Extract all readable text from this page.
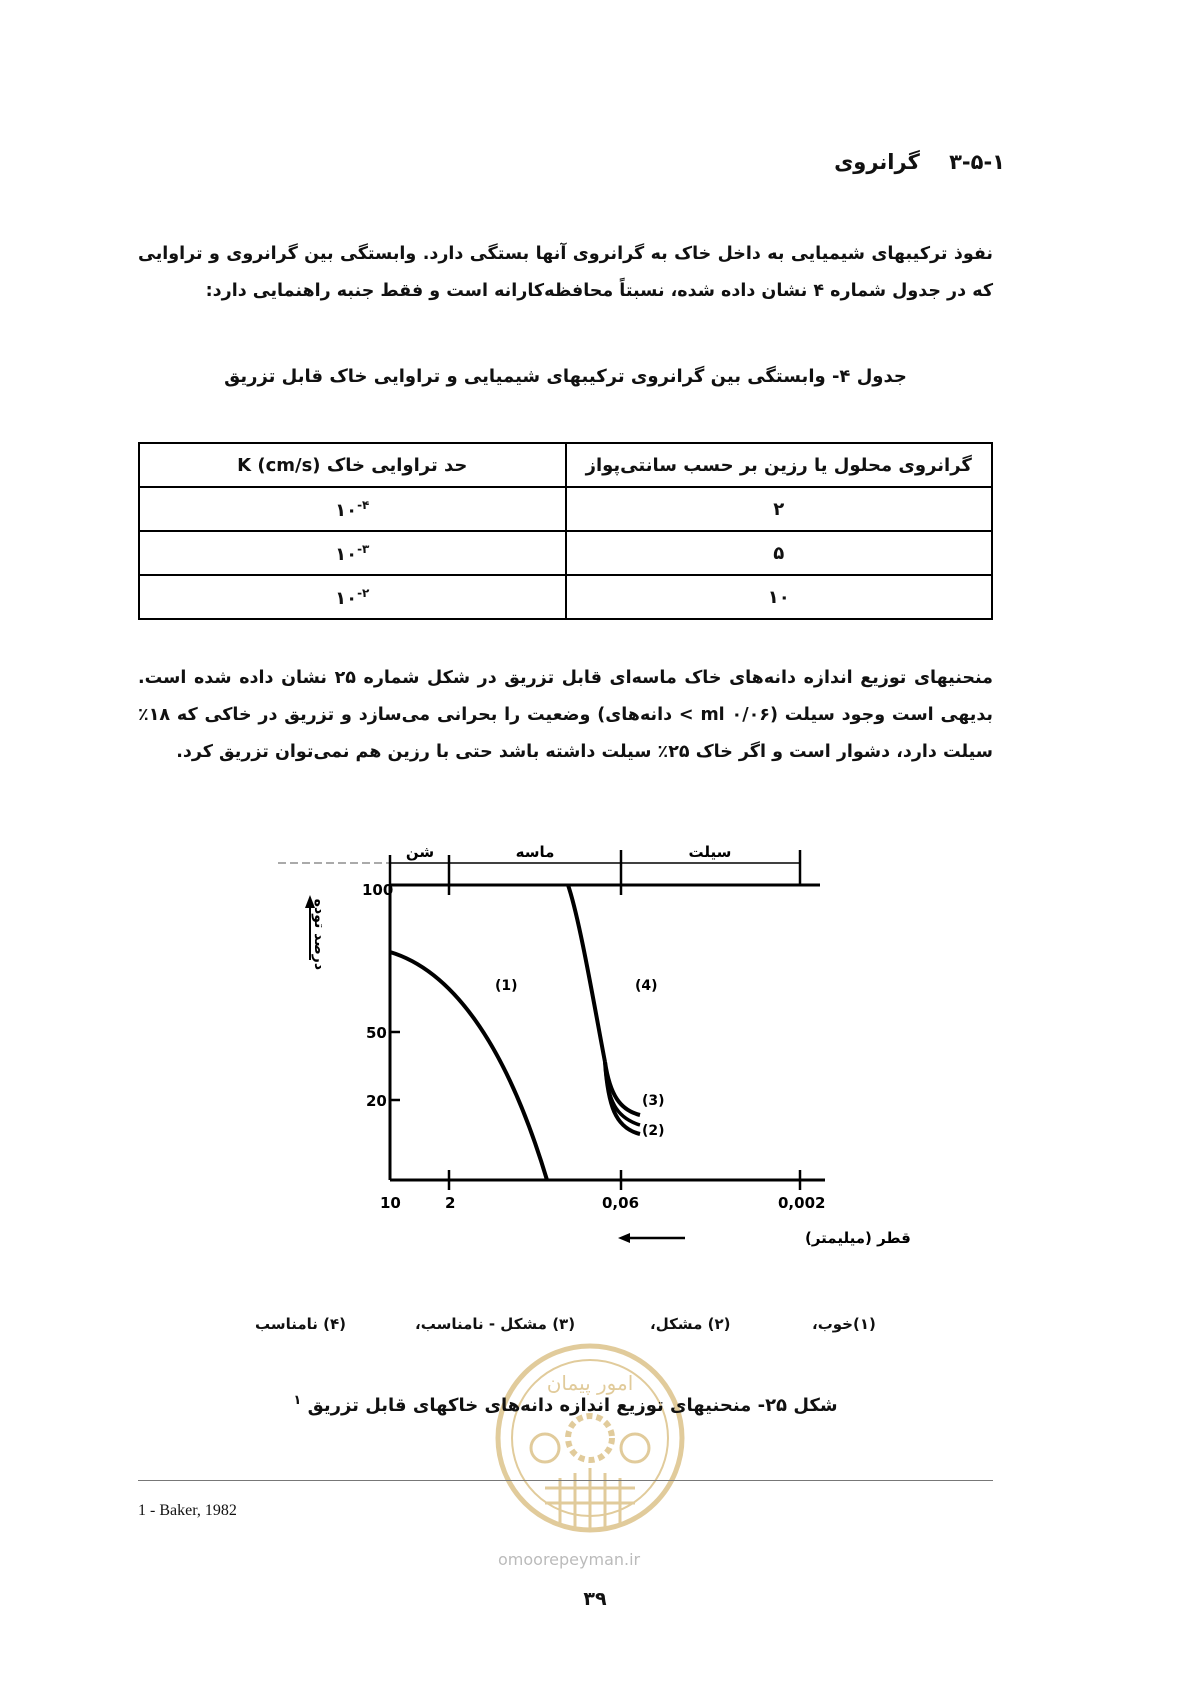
۳-۵-۱ گرانروی
نفوذ ترکیبهای شیمیایی به داخل خاک به گرانروی آنها بستگی دارد. وابستگی بین گرانروی و تراوایی که در جدول شماره ۴ نشان داده شده، نسبتاً محافظه‌کارانه است و فقط جنبه راهنمایی دارد:
جدول ۴- وابستگی بین گرانروی ترکیبهای شیمیایی و تراوایی خاک قابل تزریق
گرانروی محلول یا رزین بر حسب سانتی‌پواز	حد تراوایی خاک K (cm/s)
۲	$۱۰^{-۴}$
۵	$۱۰^{-۳}$
۱۰	$۱۰^{-۲}$
منحنیهای توزیع اندازه دانه‌های خاک ماسه‌ای قابل تزریق در شکل شماره ۲۵ نشان داده شده است. بدیهی است وجود سیلت (۰/۰۶ ml > دانه‌های) وضعیت را بحرانی می‌سازد و تزریق در خاکی که ۱۸٪ سیلت دارد، دشوار است و اگر خاک ۲۵٪ سیلت داشته باشد حتی با رزین هم نمی‌توان تزریق کرد.
100
50
20
10	2	0,06	0,002
شن	ماسه	سیلت
(1)	(4)
(3)
(2)
درصد توده
قطر (میلیمتر)
(۱)خوب،
(۲) مشکل،
(۳) مشکل - نامناسب،
(۴) نامناسب
امور پیمان
شکل ۲۵- منحنیهای توزیع اندازه دانه‌های خاکهای قابل تزریق $^۱$
1 - Baker, 1982
omoorepeyman.ir
۳۹
